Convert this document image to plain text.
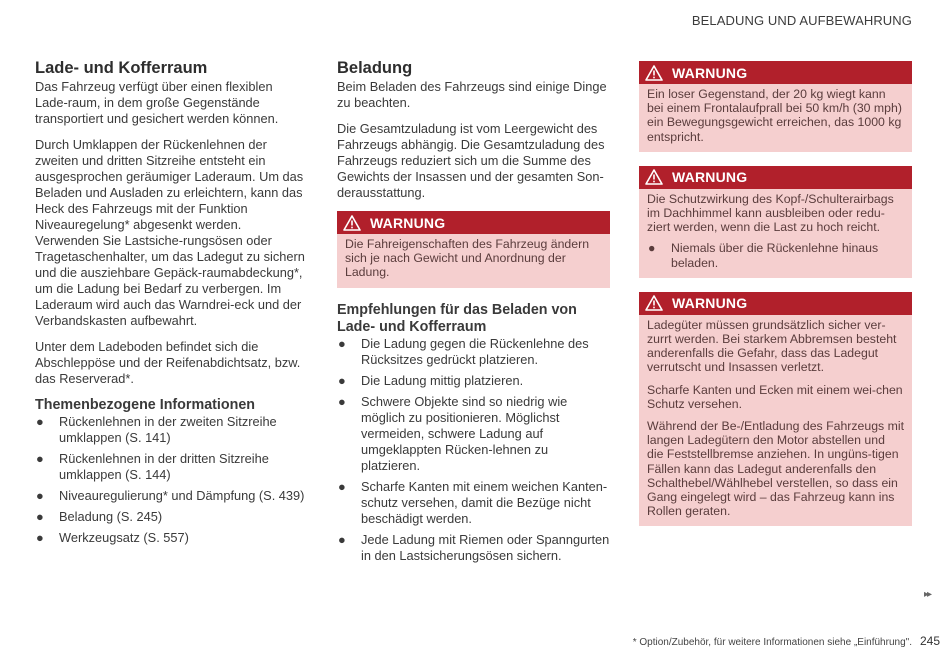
BELADUNG UND AUFBEWAHRUNG
Lade- und Kofferraum

Das Fahrzeug verfügt über einen flexiblen Lade-raum, in dem große Gegenstände transportiert und gesichert werden können.

Durch Umklappen der Rückenlehnen der zweiten und dritten Sitzreihe entsteht ein ausgesprochen geräumiger Laderaum. Um das Beladen und Ausladen zu erleichtern, kann das Heck des Fahrzeugs mit der Funktion Niveauregelung* abgesenkt werden. Verwenden Sie Lastsiche-rungsösen oder Tragetaschenhalter, um das Ladegut zu sichern und die ausziehbare Gepäck-raumabdeckung*, um die Ladung bei Bedarf zu verbergen. Im Laderaum wird auch das Warndrei-eck und der Verbandskasten aufbewahrt.

Unter dem Ladeboden befindet sich die Abschleppöse und der Reifenabdichtsatz, bzw. das Reserverad*.

Themenbezogene Informationen
● Rückenlehnen in der zweiten Sitzreihe umklappen (S. 141)
● Rückenlehnen in der dritten Sitzreihe umklappen (S. 144)
● Niveauregulierung* und Dämpfung (S. 439)
● Beladung (S. 245)
● Werkzeugsatz (S. 557)
Beladung

Beim Beladen des Fahrzeugs sind einige Dinge zu beachten.

Die Gesamtzuladung ist vom Leergewicht des Fahrzeugs abhängig. Die Gesamtzuladung des Fahrzeugs reduziert sich um die Summe des Gewichts der Insassen und der gesamten Son-derausstattung.

WARNUNG

Die Fahreigenschaften des Fahrzeug ändern sich je nach Gewicht und Anordnung der Ladung.

Empfehlungen für das Beladen von Lade- und Kofferraum
● Die Ladung gegen die Rückenlehne des Rücksitzes gedrückt platzieren.
● Die Ladung mittig platzieren.
● Schwere Objekte sind so niedrig wie möglich zu positionieren. Möglichst vermeiden, schwere Ladung auf umgeklappten Rücken-lehnen zu platzieren.
● Scharfe Kanten mit einem weichen Kanten-schutz versehen, damit die Bezüge nicht beschädigt werden.
● Jede Ladung mit Riemen oder Spanngurten in den Lastsicherungsösen sichern.
WARNUNG

Ein loser Gegenstand, der 20 kg wiegt kann bei einem Frontalaufprall bei 50 km/h (30 mph) ein Bewegungsgewicht erreichen, das 1000 kg entspricht.

WARNUNG

Die Schutzwirkung des Kopf-/Schulterairbags im Dachhimmel kann ausbleiben oder redu-ziert werden, wenn die Last zu hoch reicht.

● Niemals über die Rückenlehne hinaus beladen.
WARNUNG

Ladegüter müssen grundsätzlich sicher ver-zurrt werden. Bei starkem Abbremsen besteht anderenfalls die Gefahr, dass das Ladegut verrutscht und Insassen verletzt.

Scharfe Kanten und Ecken mit einem wei-chen Schutz versehen.

Während der Be-/Entladung des Fahrzeugs mit langen Ladegütern den Motor abstellen und die Feststellbremse anziehen. In ungüns-tigen Fällen kann das Ladegut anderenfalls den Schalthebel/Wählhebel verstellen, so dass ein Gang eingelegt wird – das Fahrzeug kann ins Rollen geraten.

▸▸
* Option/Zubehör, für weitere Informationen siehe „Einführung". 245
